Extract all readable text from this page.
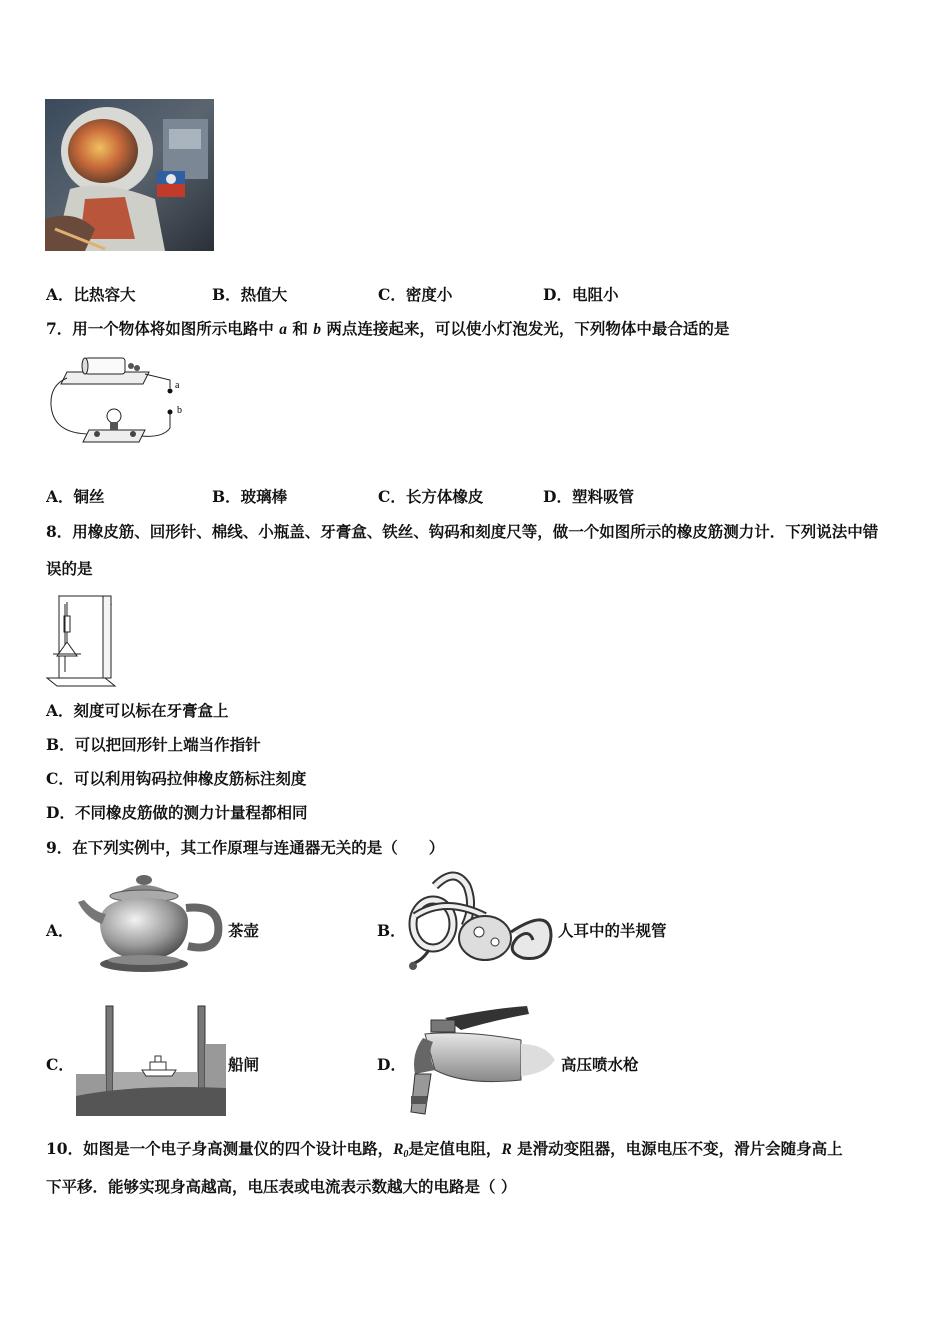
A．比热容大	B．热值大	C．密度小	D．电阻小
7．用一个物体将如图所示电路中 a 和 b 两点连接起来，可以使小灯泡发光，下列物体中最合适的是
a
b
A．铜丝	B．玻璃棒	C．长方体橡皮	D．塑料吸管
8．用橡皮筋、回形针、棉线、小瓶盖、牙膏盒、铁丝、钩码和刻度尺等，做一个如图所示的橡皮筋测力计．下列说法中错
误的是
A．刻度可以标在牙膏盒上
B．可以把回形针上端当作指针
C．可以利用钩码拉伸橡皮筋标注刻度
D．不同橡皮筋做的测力计量程都相同
9．在下列实例中，其工作原理与连通器无关的是（　　）
A．	茶壶	B．	人耳中的半规管
C．	船闸	D．	高压喷水枪
10．如图是一个电子身高测量仪的四个设计电路，$R_0$是定值电阻，R 是滑动变阻器，电源电压不变，滑片会随身高上
下平移．能够实现身高越高，电压表或电流表示数越大的电路是（ ）
